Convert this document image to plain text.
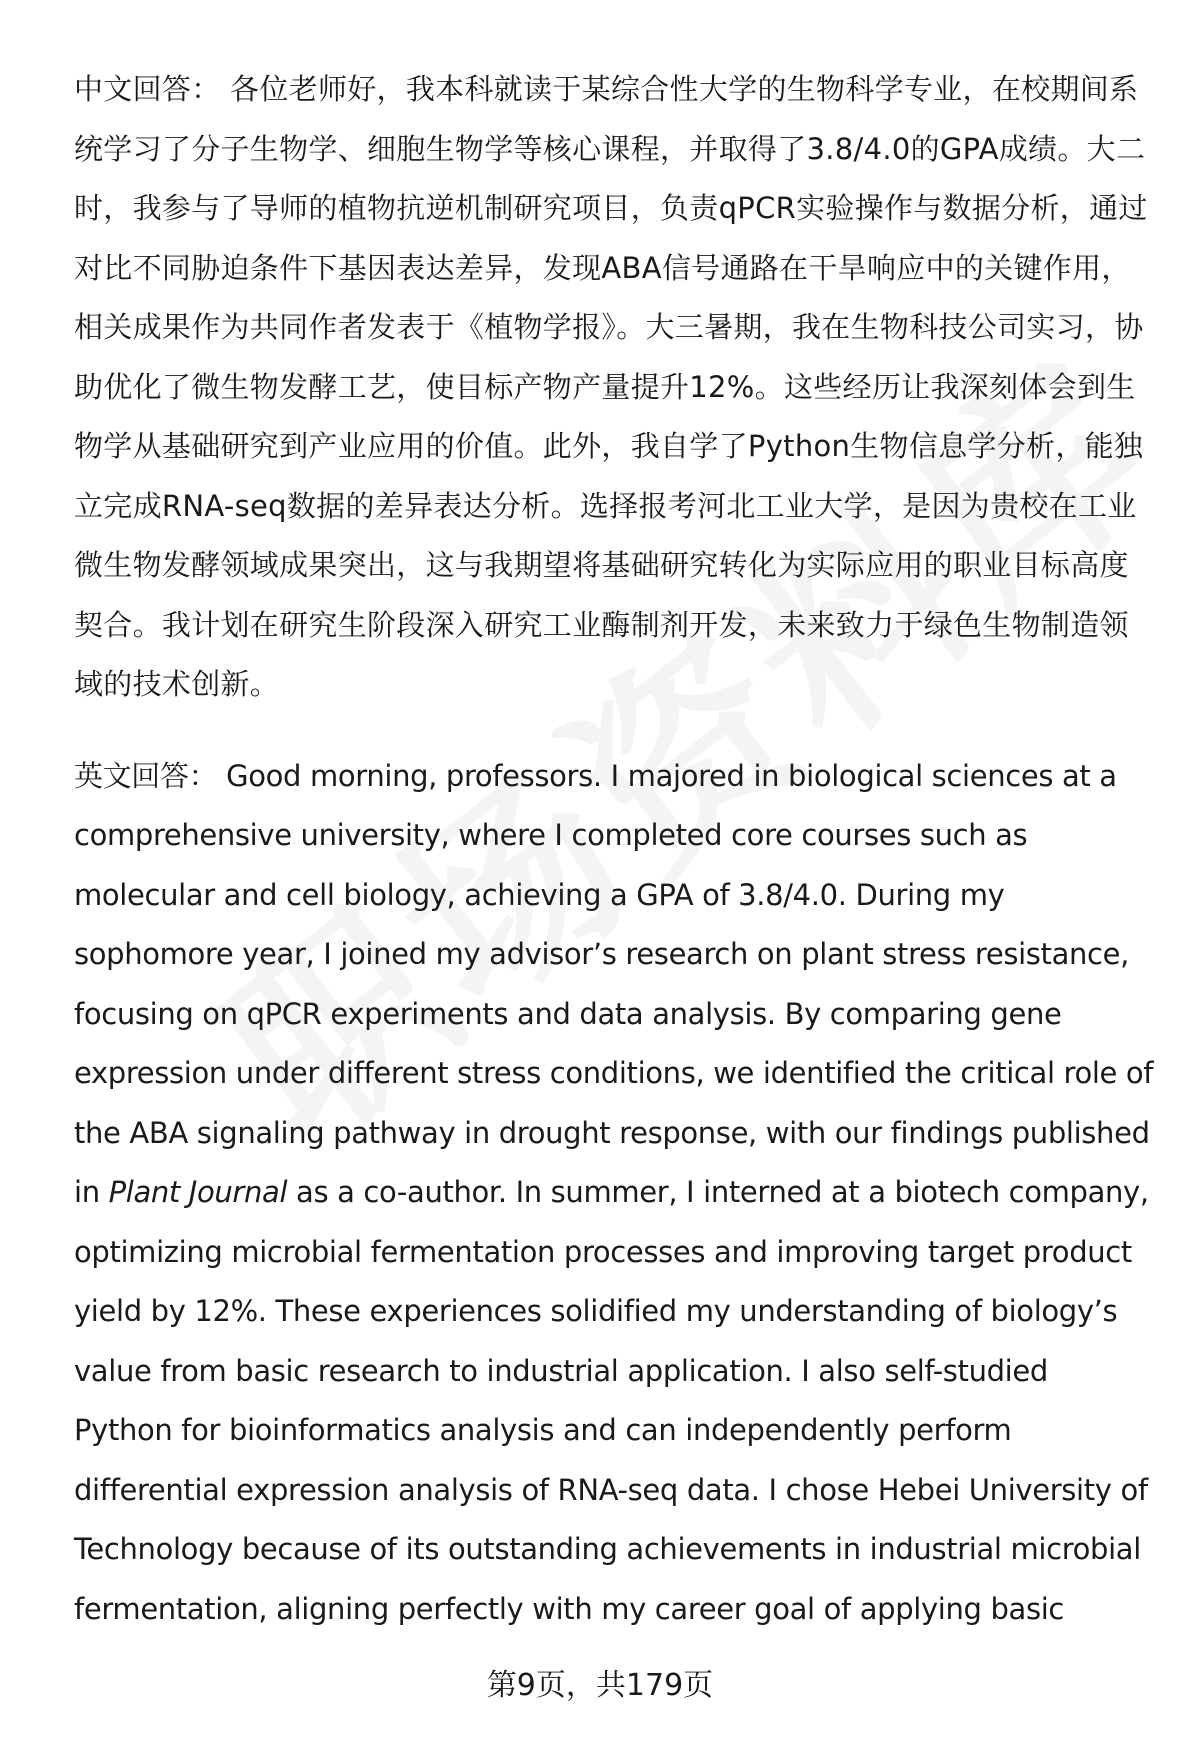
中文回答： 各位老师好，我本科就读于某综合性大学的生物科学专业，在校期间系统学习了分子生物学、细胞生物学等核心课程，并取得了3.8/4.0的GPA成绩。大二时，我参与了导师的植物抗逆机制研究项目，负责qPCR实验操作与数据分析，通过对比不同胁迫条件下基因表达差异，发现ABA信号通路在干旱响应中的关键作用，相关成果作为共同作者发表于《植物学报》。大三暑期，我在生物科技公司实习，协助优化了微生物发酵工艺，使目标产物产量提升12%。这些经历让我深刻体会到生物学从基础研究到产业应用的价值。此外，我自学了Python生物信息学分析，能独立完成RNA-seq数据的差异表达分析。选择报考河北工业大学，是因为贵校在工业微生物发酵领域成果突出，这与我期望将基础研究转化为实际应用的职业目标高度契合。我计划在研究生阶段深入研究工业酶制剂开发，未来致力于绿色生物制造领域的技术创新。

英文回答： Good morning, professors. I majored in biological sciences at a comprehensive university, where I completed core courses such as molecular and cell biology, achieving a GPA of 3.8/4.0. During my sophomore year, I joined my advisor’s research on plant stress resistance, focusing on qPCR experiments and data analysis. By comparing gene expression under different stress conditions, we identified the critical role of the ABA signaling pathway in drought response, with our findings published in Plant Journal as a co-author. In summer, I interned at a biotech company, optimizing microbial fermentation processes and improving target product yield by 12%. These experiences solidified my understanding of biology’s value from basic research to industrial application. I also self-studied Python for bioinformatics analysis and can independently perform differential expression analysis of RNA-seq data. I chose Hebei University of Technology because of its outstanding achievements in industrial microbial fermentation, aligning perfectly with my career goal of applying basic

第9页，共179页
